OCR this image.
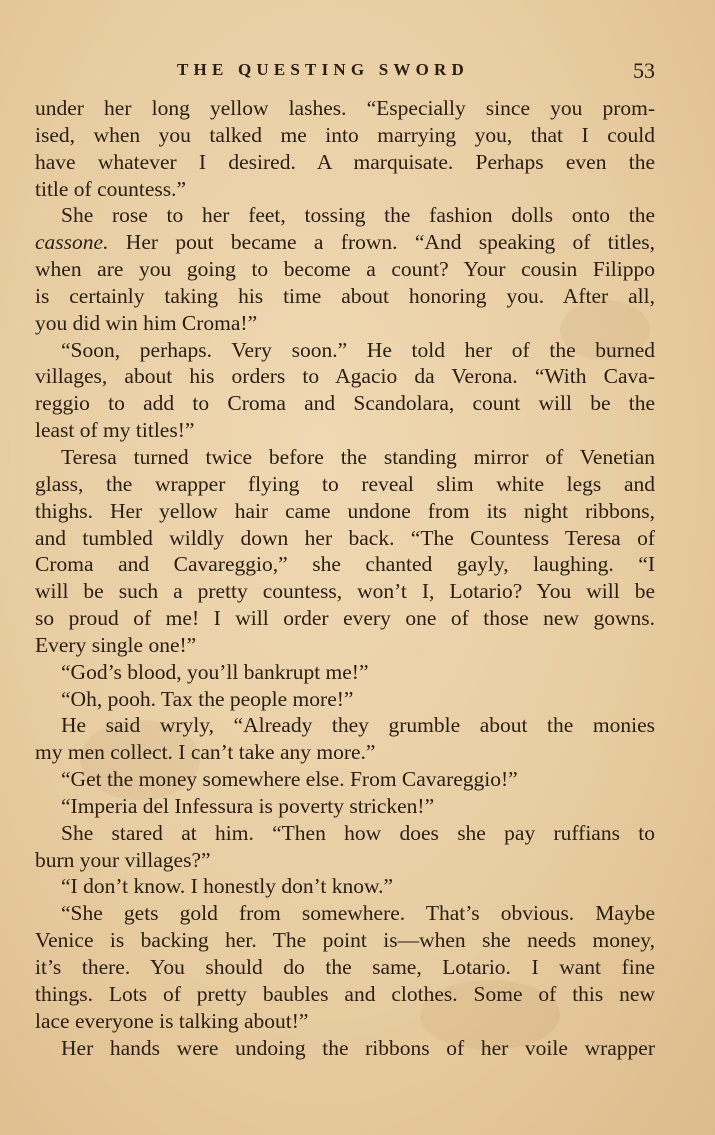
THE QUESTING SWORD	53
under her long yellow lashes. “Especially since you prom-
ised, when you talked me into marrying you, that I could
have whatever I desired. A marquisate. Perhaps even the
title of countess.”
She rose to her feet, tossing the fashion dolls onto the
cassone. Her pout became a frown. “And speaking of titles,
when are you going to become a count? Your cousin Filippo
is certainly taking his time about honoring you. After all,
you did win him Croma!”
“Soon, perhaps. Very soon.” He told her of the burned
villages, about his orders to Agacio da Verona. “With Cava-
reggio to add to Croma and Scandolara, count will be the
least of my titles!”
Teresa turned twice before the standing mirror of Venetian
glass, the wrapper flying to reveal slim white legs and
thighs. Her yellow hair came undone from its night ribbons,
and tumbled wildly down her back. “The Countess Teresa of
Croma and Cavareggio,” she chanted gayly, laughing. “I
will be such a pretty countess, won’t I, Lotario? You will be
so proud of me! I will order every one of those new gowns.
Every single one!”
“God’s blood, you’ll bankrupt me!”
“Oh, pooh. Tax the people more!”
He said wryly, “Already they grumble about the monies
my men collect. I can’t take any more.”
“Get the money somewhere else. From Cavareggio!”
“Imperia del Infessura is poverty stricken!”
She stared at him. “Then how does she pay ruffians to
burn your villages?”
“I don’t know. I honestly don’t know.”
“She gets gold from somewhere. That’s obvious. Maybe
Venice is backing her. The point is—when she needs money,
it’s there. You should do the same, Lotario. I want fine
things. Lots of pretty baubles and clothes. Some of this new
lace everyone is talking about!”
Her hands were undoing the ribbons of her voile wrapper
